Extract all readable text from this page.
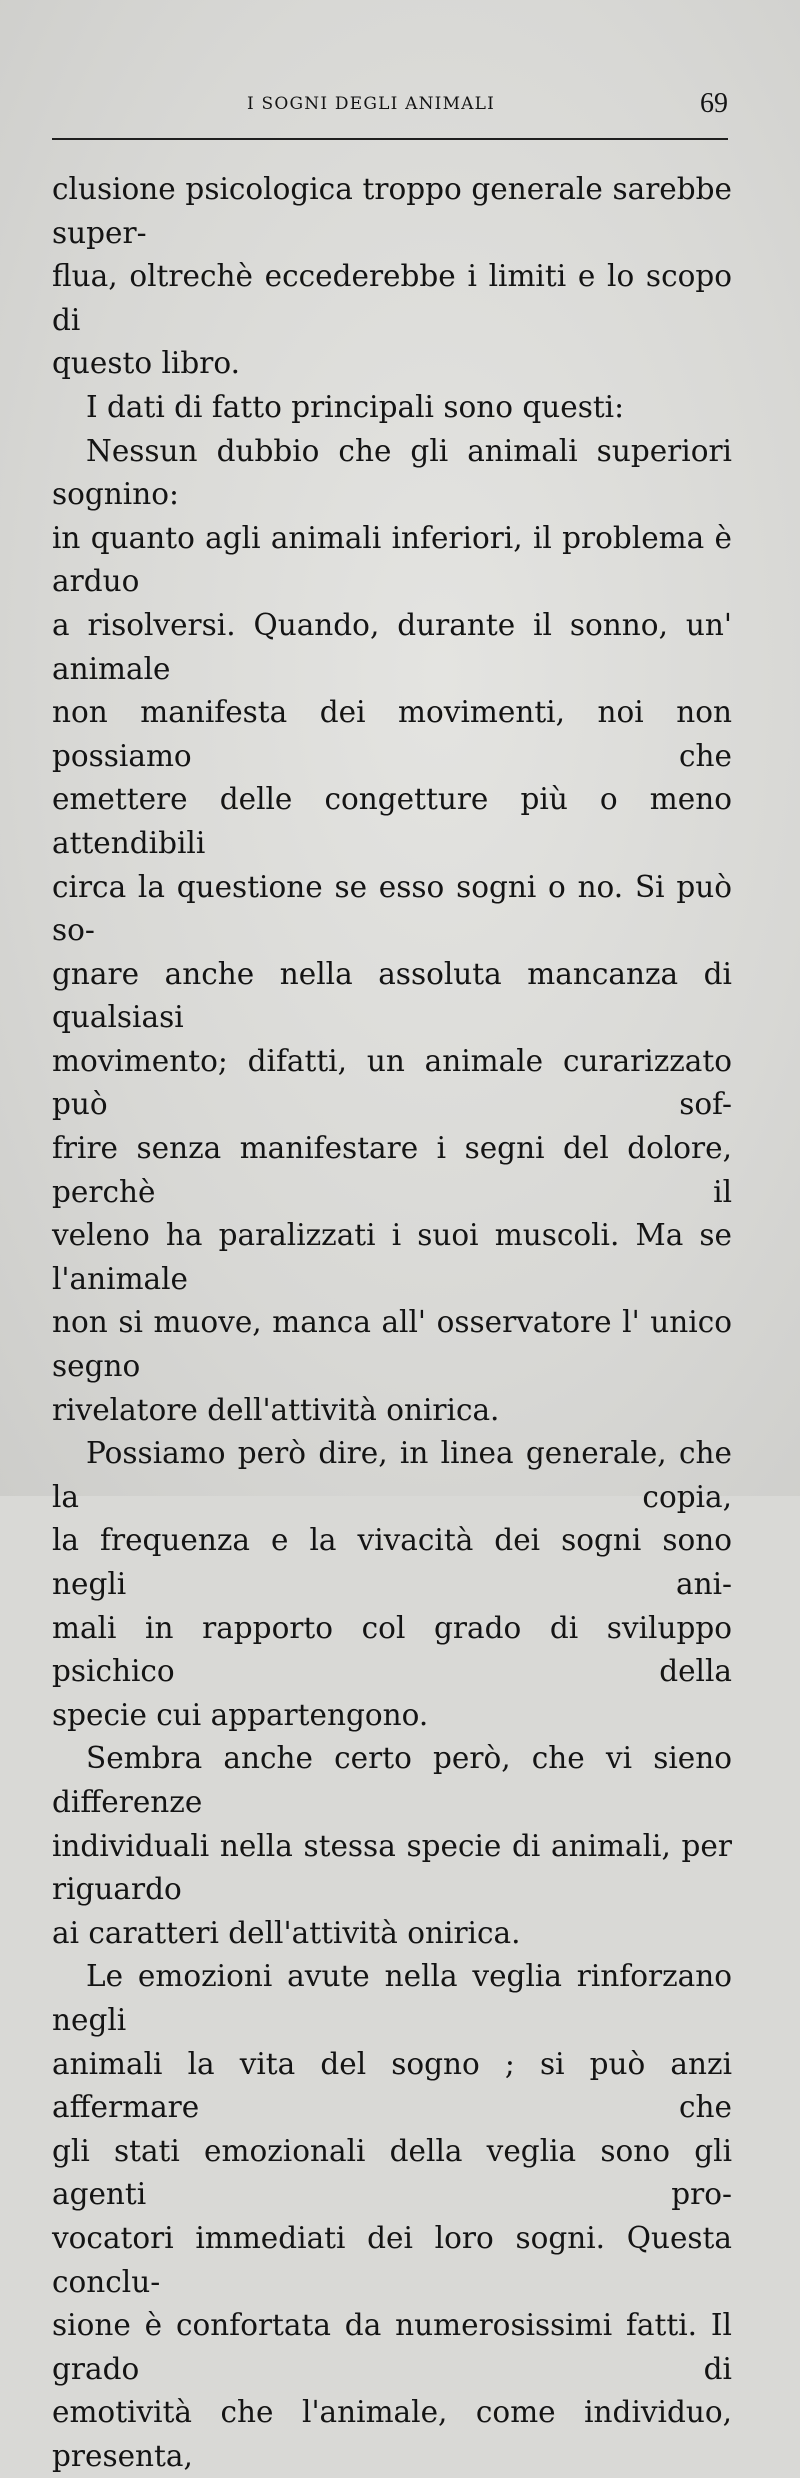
I SOGNI DEGLI ANIMALI	69

clusione psicologica troppo generale sarebbe super-

flua, oltrechè eccederebbe i limiti e lo scopo di

questo libro.

I dati di fatto principali sono questi:

Nessun dubbio che gli animali superiori sognino:

in quanto agli animali inferiori, il problema è arduo

a risolversi. Quando, durante il sonno, un' animale

non manifesta dei movimenti, noi non possiamo che

emettere delle congetture più o meno attendibili

circa la questione se esso sogni o no. Si può so-

gnare anche nella assoluta mancanza di qualsiasi

movimento; difatti, un animale curarizzato può sof-

frire senza manifestare i segni del dolore, perchè il

veleno ha paralizzati i suoi muscoli. Ma se l'animale

non si muove, manca all' osservatore l' unico segno

rivelatore dell'attività onirica.

Possiamo però dire, in linea generale, che la copia,

la frequenza e la vivacità dei sogni sono negli ani-

mali in rapporto col grado di sviluppo psichico della

specie cui appartengono.

Sembra anche certo però, che vi sieno differenze

individuali nella stessa specie di animali, per riguardo

ai caratteri dell'attività onirica.

Le emozioni avute nella veglia rinforzano negli

animali la vita del sogno ; si può anzi affermare che

gli stati emozionali della veglia sono gli agenti pro-

vocatori immediati dei loro sogni. Questa conclu-

sione è confortata da numerosissimi fatti. Il grado di

emotività che l'animale, come individuo, presenta,
